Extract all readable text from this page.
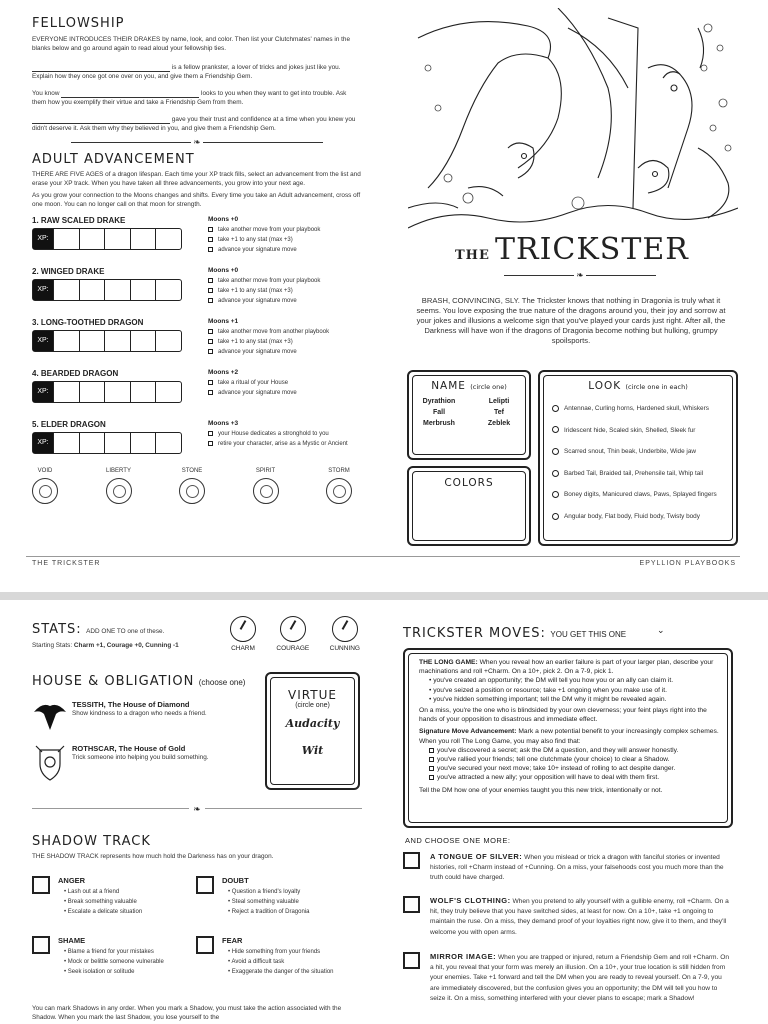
FELLOWSHIP

EVERYONE INTRODUCES THEIR DRAKES by name, look, and color. Then list your Clutchmates' names in the blanks below and go around again to read aloud your fellowship ties.

is a fellow prankster, a lover of tricks and jokes just like you. Explain how they once got one over on you, and give them a Friendship Gem.

You know	looks to you when they want to get into trouble. Ask them how you exemplify their virtue and take a Friendship Gem from them.

gave you their trust and confidence at a time when you knew you didn't deserve it. Ask them why they believed in you, and give them a Friendship Gem.

❧
ADULT ADVANCEMENT

THERE ARE FIVE AGES of a dragon lifespan. Each time your XP track fills, select an advancement from the list and erase your XP track. When you have taken all three advancements, you grow into your next age.

As you grow your connection to the Moons changes and shifts. Every time you take an Adult advancement, cross off one moon. You can no longer call on that moon for strength.

1. RAW SCALED DRAKE	Moons +0
XP:
take another move from your playbook
take +1 to any stat (max +3)
advance your signature move
2. WINGED DRAKE	Moons +0
XP:
take another move from your playbook
take +1 to any stat (max +3)
advance your signature move
3. LONG-TOOTHED DRAGON	Moons +1
XP:
take another move from another playbook
take +1 to any stat (max +3)
advance your signature move
4. BEARDED DRAGON	Moons +2
XP:
take a ritual of your House
advance your signature move
5. ELDER DRAGON	Moons +3
XP:
your House dedicates a stronghold to you
retire your character, arise as a Mystic or Ancient
VOID	LIBERTY	STONE	SPIRIT	STORM
THE TRICKSTER
❧

BRASH, CONVINCING, SLY. The Trickster knows that nothing in Dragonia is truly what it seems. You love exposing the true nature of the dragons around you, their joy and sorrow at your jokes and illusions a welcome sign that you've played your cards just right. After all, the Darkness will have won if the dragons of Dragonia become nothing but hulking, grumpy spoilsports.

NAME (circle one)
Dyrathion	Lelipti
Fall	Tef
Merbrush	Zeblek
COLORS
LOOK (circle one in each)
Antennae, Curling horns, Hardened skull, Whiskers
Iridescent hide, Scaled skin, Shelled, Sleek fur
Scarred snout, Thin beak, Underbite, Wide jaw
Barbed Tail, Braided tail, Prehensile tail, Whip tail
Boney digits, Manicured claws, Paws, Splayed fingers
Angular body, Flat body, Fluid body, Twisty body
THE TRICKSTER	EPYLLION PLAYBOOKS
STATS: ADD ONE TO one of these.
Starting Stats: Charm +1, Courage +0, Cunning -1	CHARM	COURAGE	CUNNING
HOUSE & OBLIGATION (choose one)
TESSITH, The House of Diamond
Show kindness to a dragon who needs a friend.
ROTHSCAR, The House of Gold
Trick someone into helping you build something.
VIRTUE
(circle one)
Audacity
Wit
❧
SHADOW TRACK

THE SHADOW TRACK represents how much hold the Darkness has on your dragon.

You can mark Shadows in any order. When you mark a Shadow, you must take the action associated with the Shadow. When you mark the last Shadow, you lose yourself to the

TRICKSTER MOVES: YOU GET THIS ONE	⌄
ANGER
• Lash out at a friend
• Break something valuable
• Escalate a delicate situation
DOUBT
• Question a friend's loyalty
• Steal something valuable
• Reject a tradition of Dragonia
SHAME
• Blame a friend for your mistakes
• Mock or belittle someone vulnerable
• Seek isolation or solitude
FEAR
• Hide something from your friends
• Avoid a difficult task
• Exaggerate the danger of the situation
THE LONG GAME: When you reveal how an earlier failure is part of your larger plan, describe your machinations and roll +Charm. On a 10+, pick 2. On a 7-9, pick 1.
• you've created an opportunity; the DM will tell you how you or an ally can claim it.
• you've seized a position or resource; take +1 ongoing when you make use of it.
• you've hidden something important; tell the DM why it might be revealed again.
On a miss, you're the one who is blindsided by your own cleverness; your feint plays right into the hands of your opposition to disastrous and immediate effect.
Signature Move Advancement: Mark a new potential benefit to your increasingly complex schemes. When you roll The Long Game, you may also find that:
you've discovered a secret; ask the DM a question, and they will answer honestly.
you've rallied your friends; tell one clutchmate (your choice) to clear a Shadow.
you've secured your next move; take 10+ instead of rolling to act despite danger.
you've attracted a new ally; your opposition will have to deal with them first.
Tell the DM how one of your enemies taught you this new trick, intentionally or not.
AND CHOOSE ONE MORE:
A TONGUE OF SILVER: When you mislead or trick a dragon with fanciful stories or invented histories, roll +Charm instead of +Cunning. On a miss, your falsehoods cost you much more than the truth could have charged.
WOLF'S CLOTHING: When you pretend to ally yourself with a gullible enemy, roll +Charm. On a hit, they truly believe that you have switched sides, at least for now. On a 10+, take +1 ongoing to maintain the ruse. On a miss, they demand proof of your loyalties right now, give it to them, and they'll welcome you with open arms.
MIRROR IMAGE: When you are trapped or injured, return a Friendship Gem and roll +Charm. On a hit, you reveal that your form was merely an illusion. On a 10+, your true location is still hidden from your enemies. Take +1 forward and tell the DM when you are ready to reveal yourself. On a 7-9, you are immediately discovered, but the confusion gives you an opportunity; the DM will tell you how to seize it. On a miss, something interfered with your clever plans to escape; mark a Shadow!
